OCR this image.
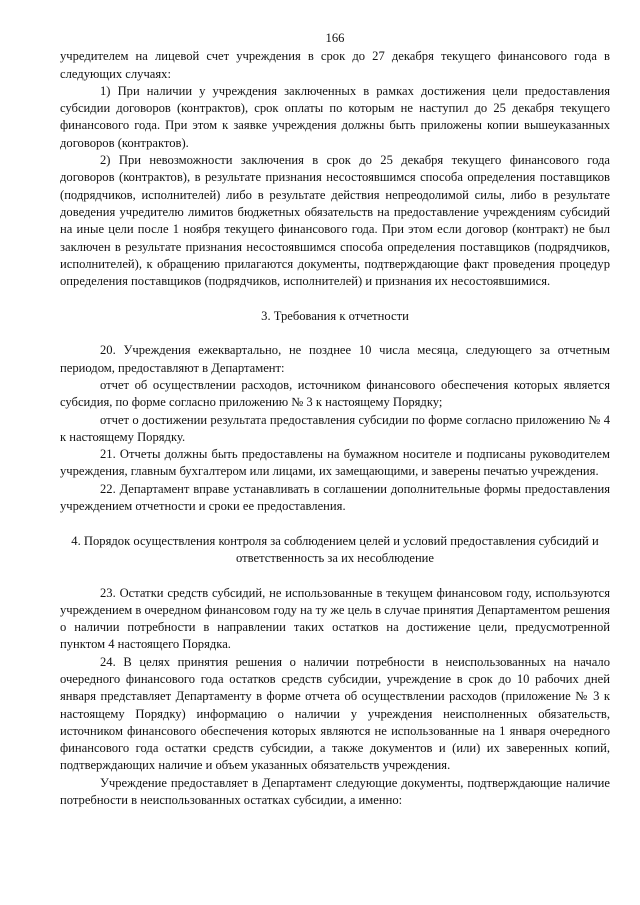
166

учредителем на лицевой счет учреждения в срок до 27 декабря текущего финансового года в следующих случаях:

1) При наличии у учреждения заключенных в рамках достижения цели предоставления субсидии договоров (контрактов), срок оплаты по которым не наступил до 25 декабря текущего финансового года. При этом к заявке учреждения должны быть приложены копии вышеуказанных договоров (контрактов).

2) При невозможности заключения в срок до 25 декабря текущего финансового года договоров (контрактов), в результате признания несостоявшимся способа определения поставщиков (подрядчиков, исполнителей) либо в результате действия непреодолимой силы, либо в результате доведения учредителю лимитов бюджетных обязательств на предоставление учреждениям субсидий на иные цели после 1 ноября текущего финансового года. При этом если договор (контракт) не был заключен в результате признания несостоявшимся способа определения поставщиков (подрядчиков, исполнителей), к обращению прилагаются документы, подтверждающие факт проведения процедур определения поставщиков (подрядчиков, исполнителей) и признания их несостоявшимися.

3. Требования к отчетности

20. Учреждения ежеквартально, не позднее 10 числа месяца, следующего за отчетным периодом, предоставляют в Департамент:

отчет об осуществлении расходов, источником финансового обеспечения которых является субсидия, по форме согласно приложению № 3 к настоящему Порядку;

отчет о достижении результата предоставления субсидии по форме согласно приложению № 4 к настоящему Порядку.

21. Отчеты должны быть предоставлены на бумажном носителе и подписаны руководителем учреждения, главным бухгалтером или лицами, их замещающими, и заверены печатью учреждения.

22. Департамент вправе устанавливать в соглашении дополнительные формы предоставления учреждением отчетности и сроки ее предоставления.

4. Порядок осуществления контроля за соблюдением целей и условий предоставления субсидий и ответственность за их несоблюдение

23. Остатки средств субсидий, не использованные в текущем финансовом году, используются учреждением в очередном финансовом году на ту же цель в случае принятия Департаментом решения о наличии потребности в направлении таких остатков на достижение цели, предусмотренной пунктом 4 настоящего Порядка.

24. В целях принятия решения о наличии потребности в неиспользованных на начало очередного финансового года остатков средств субсидии, учреждение в срок до 10 рабочих дней января представляет Департаменту в форме отчета об осуществлении расходов (приложение № 3 к настоящему Порядку) информацию о наличии у учреждения неисполненных обязательств, источником финансового обеспечения которых являются не использованные на 1 января очередного финансового года остатки средств субсидии, а также документов и (или) их заверенных копий, подтверждающих наличие и объем указанных обязательств учреждения.

Учреждение предоставляет в Департамент следующие документы, подтверждающие наличие потребности в неиспользованных остатках субсидии, а именно:
